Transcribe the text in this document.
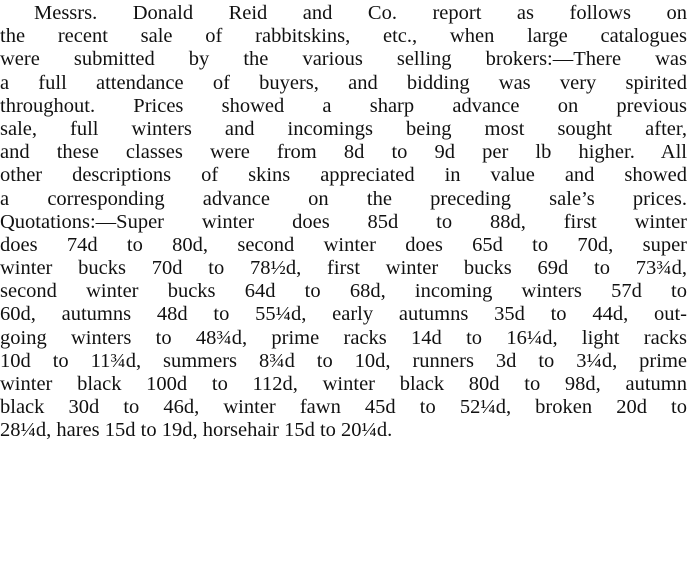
Messrs. Donald Reid and Co. report as follows on
the recent sale of rabbitskins, etc., when large catalogues
were submitted by the various selling brokers:—There was
a full attendance of buyers, and bidding was very spirited
throughout. Prices showed a sharp advance on previous
sale, full winters and incomings being most sought after,
and these classes were from 8d to 9d per lb higher. All
other descriptions of skins appreciated in value and showed
a corresponding advance on the preceding sale’s prices.
Quotations:—Super winter does 85d to 88d, first winter
does 74d to 80d, second winter does 65d to 70d, super
winter bucks 70d to 78½d, first winter bucks 69d to 73¾d,
second winter bucks 64d to 68d, incoming winters 57d to
60d, autumns 48d to 55¼d, early autumns 35d to 44d, out-
going winters to 48¾d, prime racks 14d to 16¼d, light racks
10d to 11¾d, summers 8¾d to 10d, runners 3d to 3¼d, prime
winter black 100d to 112d, winter black 80d to 98d, autumn
black 30d to 46d, winter fawn 45d to 52¼d, broken 20d to
28¼d, hares 15d to 19d, horsehair 15d to 20¼d.
